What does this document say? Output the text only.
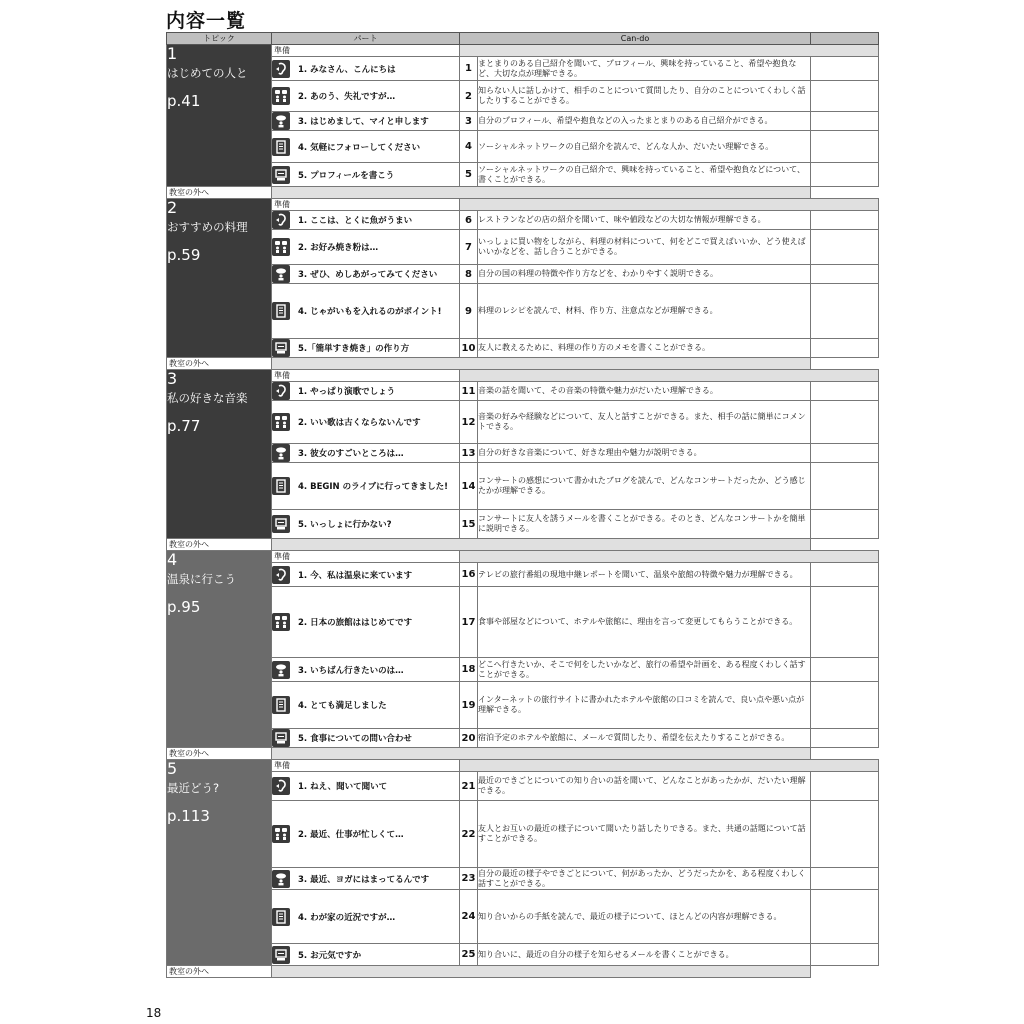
内容一覧
トピック	パート	Can-do		

1
はじめての人と
p.41	準備			

	1. みなさん、こんにちは	1	まとまりのある自己紹介を聞いて、プロフィール、興味を持っていること、希望や抱負など、大切な点が理解できる。	

	2. あのう、失礼ですが…	2	知らない人に話しかけて、相手のことについて質問したり、自分のことについてくわしく話したりすることができる。	

	3. はじめまして、マイと申します	3	自分のプロフィール、希望や抱負などの入ったまとまりのある自己紹介ができる。	

	4. 気軽にフォローしてください	4	ソーシャルネットワークの自己紹介を読んで、どんな人か、だいたい理解できる。	

	5. プロフィールを書こう	5	ソーシャルネットワークの自己紹介で、興味を持っていること、希望や抱負などについて、書くことができる。	
教室の外へ				

2
おすすめの料理
p.59	準備			

	1. ここは、とくに魚がうまい	6	レストランなどの店の紹介を聞いて、味や値段などの大切な情報が理解できる。	

	2. お好み焼き粉は…	7	いっしょに買い物をしながら、料理の材料について、何をどこで買えばいいか、どう使えばいいかなどを、話し合うことができる。	

	3. ぜひ、めしあがってみてください	8	自分の国の料理の特徴や作り方などを、わかりやすく説明できる。	

	4. じゃがいもを入れるのがポイント!	9	料理のレシピを読んで、材料、作り方、注意点などが理解できる。	

	5.「簡単すき焼き」の作り方	10	友人に教えるために、料理の作り方のメモを書くことができる。	
教室の外へ				

3
私の好きな音楽
p.77	準備			

	1. やっぱり演歌でしょう	11	音楽の話を聞いて、その音楽の特徴や魅力がだいたい理解できる。	

	2. いい歌は古くならないんです	12	音楽の好みや経験などについて、友人と話すことができる。また、相手の話に簡単にコメントできる。	

	3. 彼女のすごいところは…	13	自分の好きな音楽について、好きな理由や魅力が説明できる。	

	4. BEGIN のライブに行ってきました!	14	コンサートの感想について書かれたブログを読んで、どんなコンサートだったか、どう感じたかが理解できる。	

	5. いっしょに行かない?	15	コンサートに友人を誘うメールを書くことができる。そのとき、どんなコンサートかを簡単に説明できる。	
教室の外へ				

4
温泉に行こう
p.95	準備			

	1. 今、私は温泉に来ています	16	テレビの旅行番組の現地中継レポートを聞いて、温泉や旅館の特徴や魅力が理解できる。	

	2. 日本の旅館ははじめてです	17	食事や部屋などについて、ホテルや旅館に、理由を言って変更してもらうことができる。	

	3. いちばん行きたいのは…	18	どこへ行きたいか、そこで何をしたいかなど、旅行の希望や計画を、ある程度くわしく話すことができる。	

	4. とても満足しました	19	インターネットの旅行サイトに書かれたホテルや旅館の口コミを読んで、良い点や悪い点が理解できる。	

	5. 食事についての問い合わせ	20	宿泊予定のホテルや旅館に、メールで質問したり、希望を伝えたりすることができる。	
教室の外へ				

5
最近どう?
p.113	準備			

	1. ねえ、聞いて聞いて	21	最近のできごとについての知り合いの話を聞いて、どんなことがあったかが、だいたい理解できる。	

	2. 最近、仕事が忙しくて…	22	友人とお互いの最近の様子について聞いたり話したりできる。また、共通の話題について話すことができる。	

	3. 最近、ヨガにはまってるんです	23	自分の最近の様子やできごとについて、何があったか、どうだったかを、ある程度くわしく話すことができる。	

	4. わが家の近況ですが…	24	知り合いからの手紙を読んで、最近の様子について、ほとんどの内容が理解できる。	

	5. お元気ですか	25	知り合いに、最近の自分の様子を知らせるメールを書くことができる。	
教室の外へ				
18
